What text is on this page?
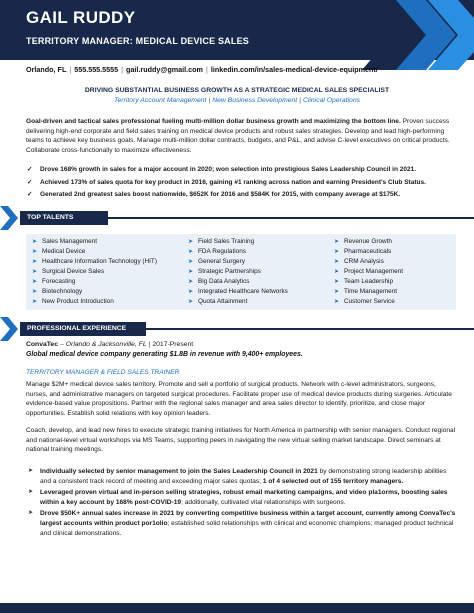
GAIL RUDDY
TERRITORY MANAGER: MEDICAL DEVICE SALES
Orlando, FL | 555.555.5555 | gail.ruddy@gmail.com | linkedin.com/in/sales-medical-device-equipment/
DRIVING SUBSTANTIAL BUSINESS GROWTH AS A STRATEGIC MEDICAL SALES SPECIALIST
Territory Account Management | New Business Development | Clinical Operations
Goal-driven and tactical sales professional fueling multi-million dollar business growth and maximizing the bottom line. Proven success delivering high-end corporate and field sales training on medical device products and robust sales strategies. Develop and lead high-performing teams to achieve key business goals. Manage multi-million dollar contracts, budgets, and P&L, and advise C-level executives on critical products. Collaborate cross-functionally to maximize effectiveness.
✓ Drove 168% growth in sales for a major account in 2020; won selection into prestigious Sales Leadership Council in 2021.
✓ Achieved 173% of sales quota for key product in 2016, gaining #1 ranking across nation and earning President's Club Status.
✓ Generated 2nd greatest sales boost nationwide, $652K for 2016 and $584K for 2015, with company average at $175K.
TOP TALENTS
➤ Sales Management
➤ Medical Device
➤ Healthcare Information Technology (HIT)
➤ Surgical Device Sales
➤ Forecasting
➤ Biotechnology
➤ New Product Introduction
➤ Field Sales Training
➤ FDA Regulations
➤ General Surgery
➤ Strategic Partnerships
➤ Big Data Analytics
➤ Integrated Healthcare Networks
➤ Quota Attainment
➤ Revenue Growth
➤ Pharmaceuticals
➤ CRM Analysis
➤ Project Management
➤ Team Leadership
➤ Time Management
➤ Customer Service
PROFESSIONAL EXPERIENCE
ConvaTec – Orlando & Jacksonville, FL | 2017-Present
Global medical device company generating $1.8B in revenue with 9,400+ employees.
TERRITORY MANAGER & FIELD SALES TRAINER
Manage $2M+ medical device sales territory. Promote and sell a portfolio of surgical products. Network with c-level administrators, surgeons, nurses, and administrative managers on targeted surgical procedures. Facilitate proper use of medical device products during surgeries. Articulate evidence-based value propositions. Partner with the regional sales manager and area sales director to identify, prioritize, and close major opportunities. Establish solid relations with key opinion leaders.
Coach, develop, and lead new hires to execute strategic training initiatives for North America in partnership with senior managers. Conduct regional and national-level virtual workshops via MS Teams, supporting peers in navigating the new virtual selling market landscape. Direct seminars at national training meetings.
➤ Individually selected by senior management to join the Sales Leadership Council in 2021 by demonstrating strong leadership abilities and a consistent track record of meeting and exceeding major sales quotas; 1 of 4 selected out of 155 territory managers.
➤ Leveraged proven virtual and in-person selling strategies, robust email marketing campaigns, and video pla1orms, boosting sales within a key account by 168% post-COVID-19; additionally, cultivated vital relationships with surgeons.
➤ Drove $50K+ annual sales increase in 2021 by converting competitive business within a target account, currently among ConvaTec's largest accounts within product por1olio; established solid relationships with clinical and economic champions; managed product technical and clinical demonstrations.
